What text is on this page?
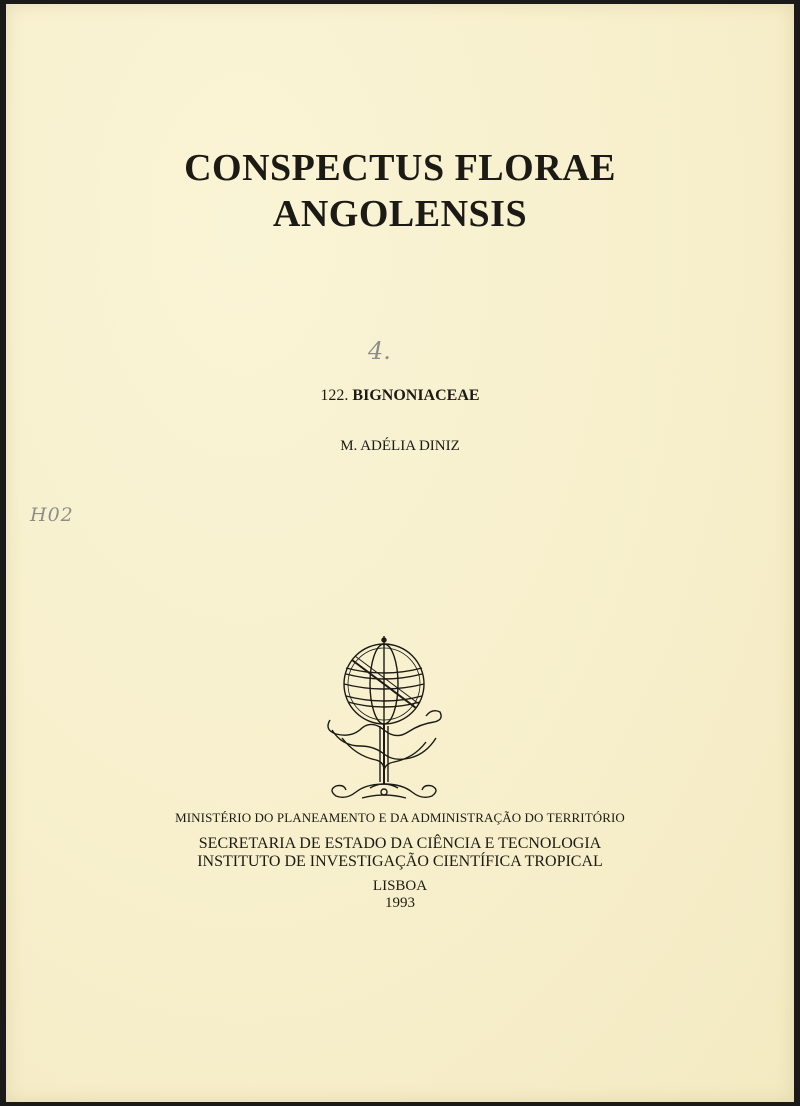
CONSPECTUS FLORAE
ANGOLENSIS
4.
122. BIGNONIACEAE
M. ADÉLIA DINIZ
H02
MINISTÉRIO DO PLANEAMENTO E DA ADMINISTRAÇÃO DO TERRITÓRIO
SECRETARIA DE ESTADO DA CIÊNCIA E TECNOLOGIA
INSTITUTO DE INVESTIGAÇÃO CIENTÍFICA TROPICAL
LISBOA
1993
